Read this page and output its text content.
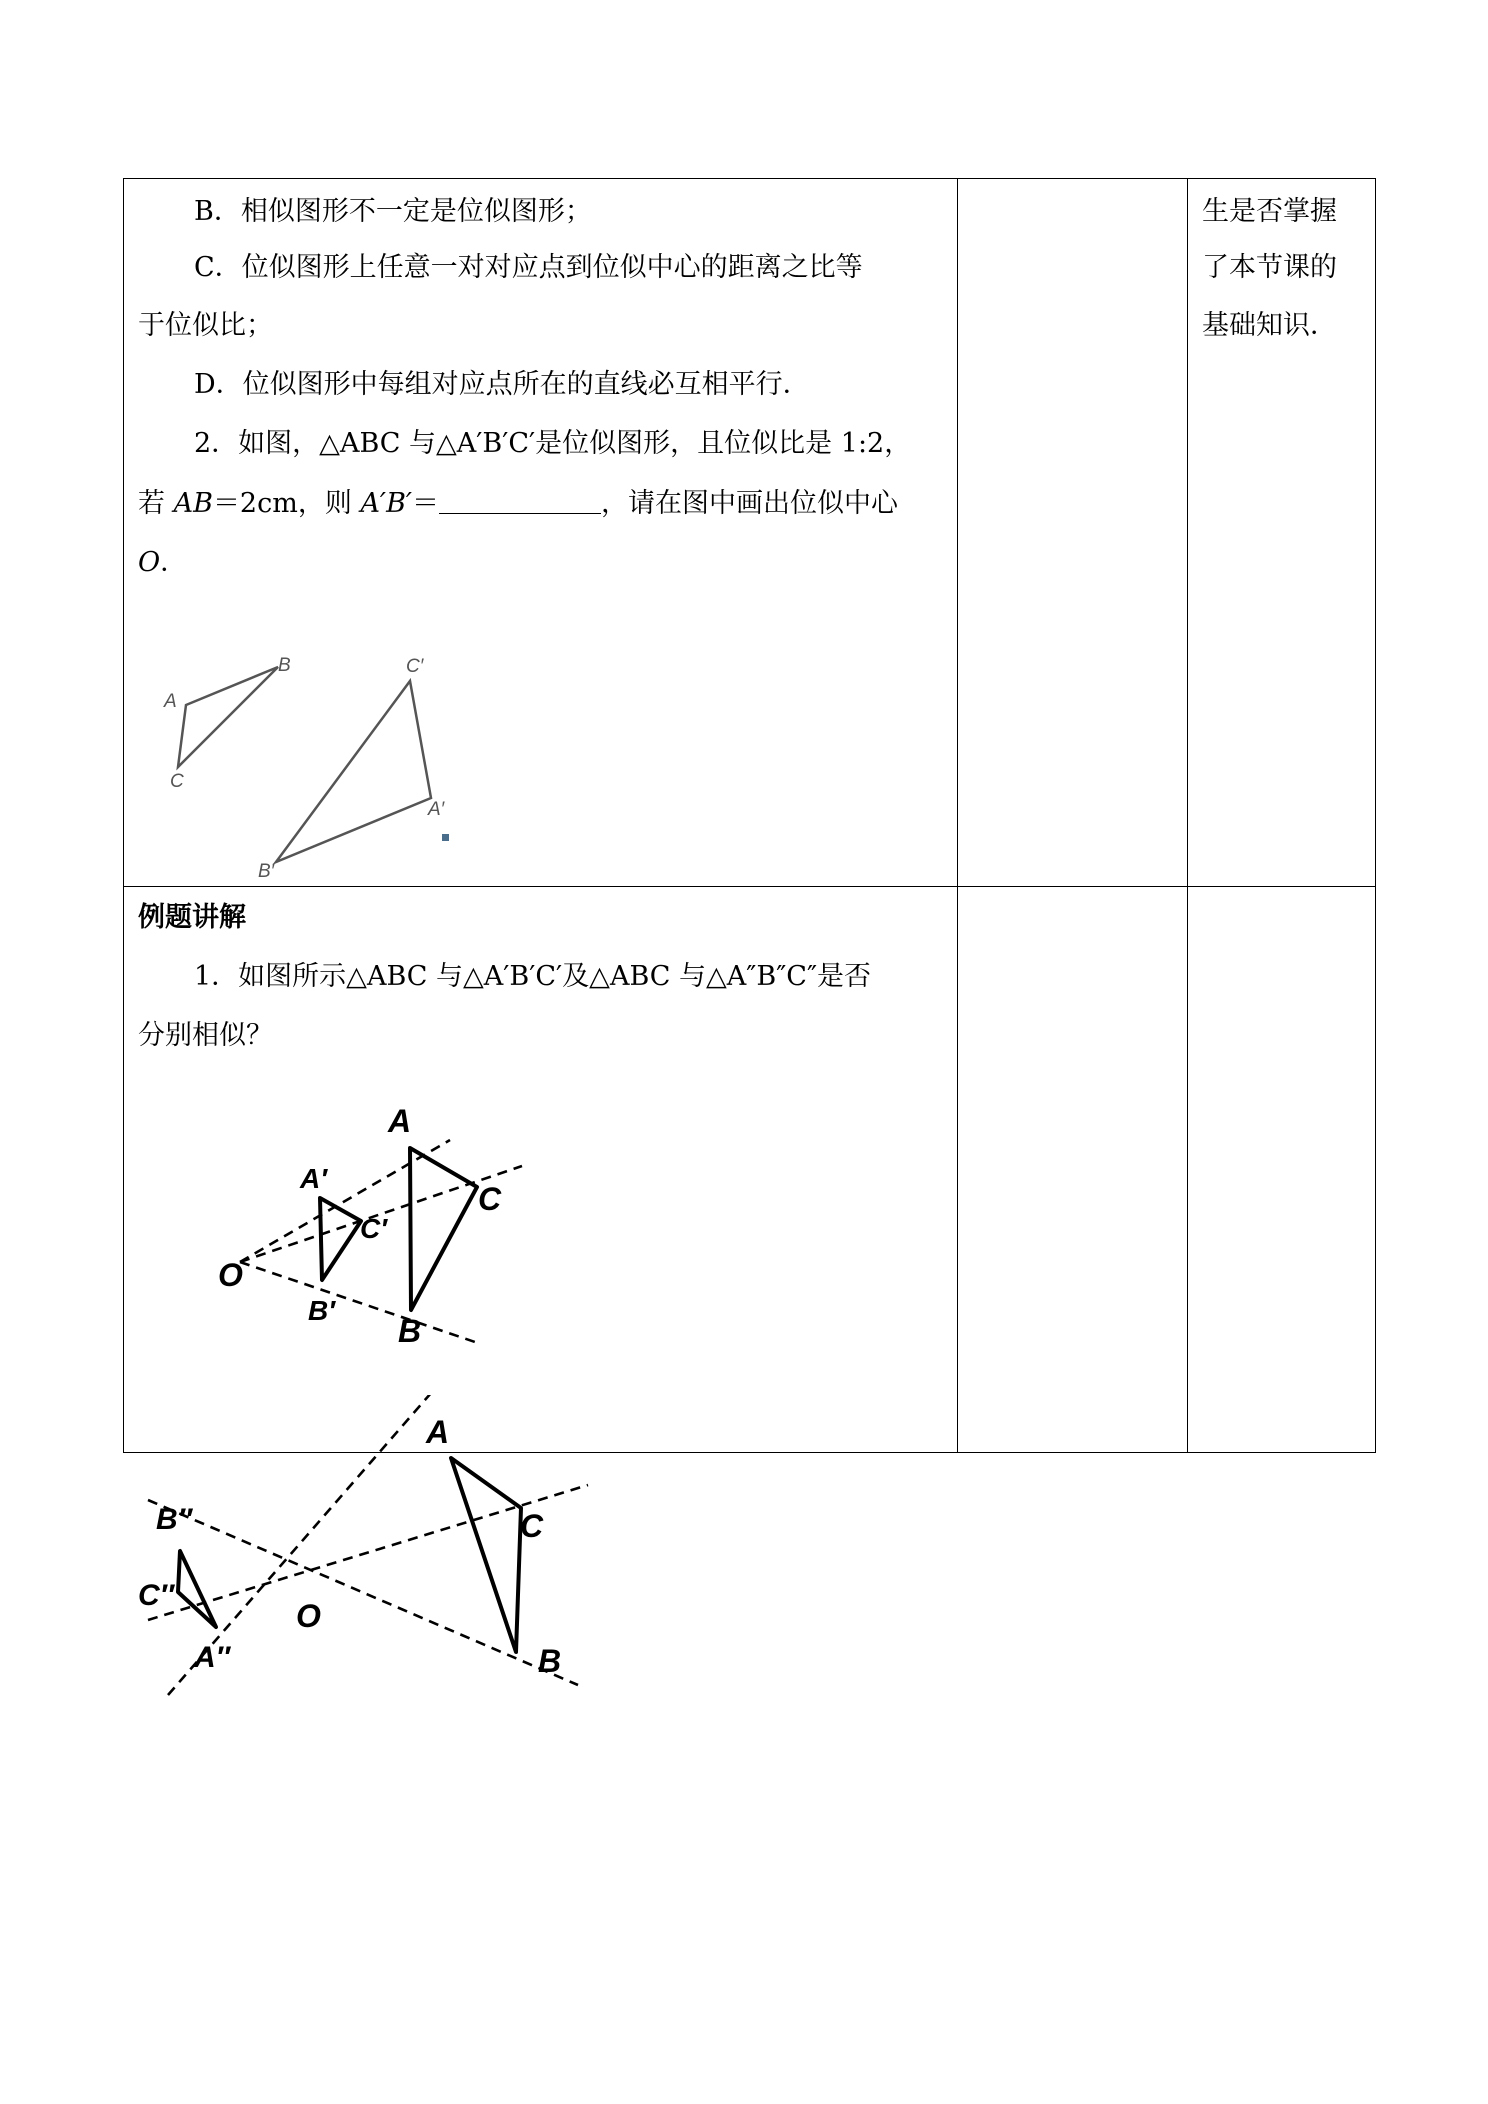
B．相似图形不一定是位似图形；
C．位似图形上任意一对对应点到位似中心的距离之比等
于位似比；
D．位似图形中每组对应点所在的直线必互相平行．
2．如图，△ABC 与△A′B′C′是位似图形，且位似比是 1:2，
若 AB＝2cm，则 A′B′＝	，请在图中画出位似中心
O．
A
B
C
C′
A′
B′
生是否掌握
了本节课的
基础知识．
例题讲解
1．如图所示△ABC 与△A′B′C′及△ABC 与△A″B″C″是否
分别相似？
A
C
B
A′
C′
B′
O
A
C
B
B″
C″
A″
O
